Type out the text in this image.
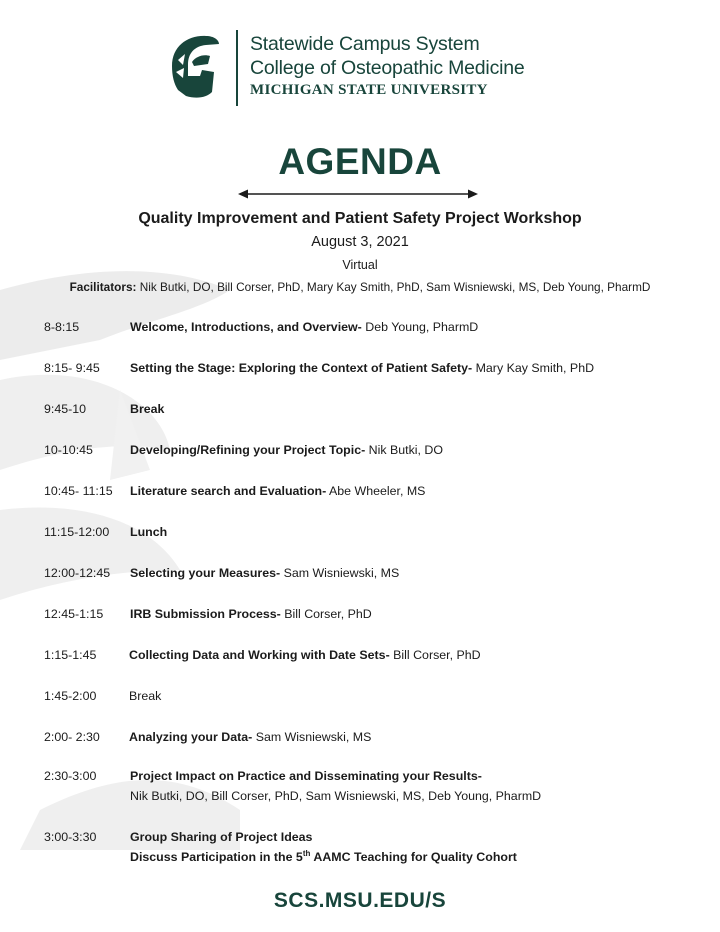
Statewide Campus System
College of Osteopathic Medicine
MICHIGAN STATE UNIVERSITY
AGENDA
Quality Improvement and Patient Safety Project Workshop
August 3, 2021
Virtual
Facilitators: Nik Butki, DO, Bill Corser, PhD, Mary Kay Smith, PhD, Sam Wisniewski, MS, Deb Young, PharmD
8-8:15	Welcome, Introductions, and Overview- Deb Young, PharmD
8:15- 9:45 Setting the Stage: Exploring the Context of Patient Safety- Mary Kay Smith, PhD
9:45-10	Break
10-10:45	Developing/Refining your Project Topic- Nik Butki, DO
10:45- 11:15 Literature search and Evaluation- Abe Wheeler, MS
11:15-12:00 Lunch
12:00-12:45 Selecting your Measures- Sam Wisniewski, MS
12:45-1:15 IRB Submission Process- Bill Corser, PhD
1:15-1:45	Collecting Data and Working with Date Sets- Bill Corser, PhD
1:45-2:00	Break
2:00- 2:30 Analyzing your Data- Sam Wisniewski, MS
2:30-3:00	Project Impact on Practice and Disseminating your Results-
Nik Butki, DO, Bill Corser, PhD, Sam Wisniewski, MS, Deb Young, PharmD
3:00-3:30	Group Sharing of Project Ideas
Discuss Participation in the 5th AAMC Teaching for Quality Cohort
SCS.MSU.EDU/S
